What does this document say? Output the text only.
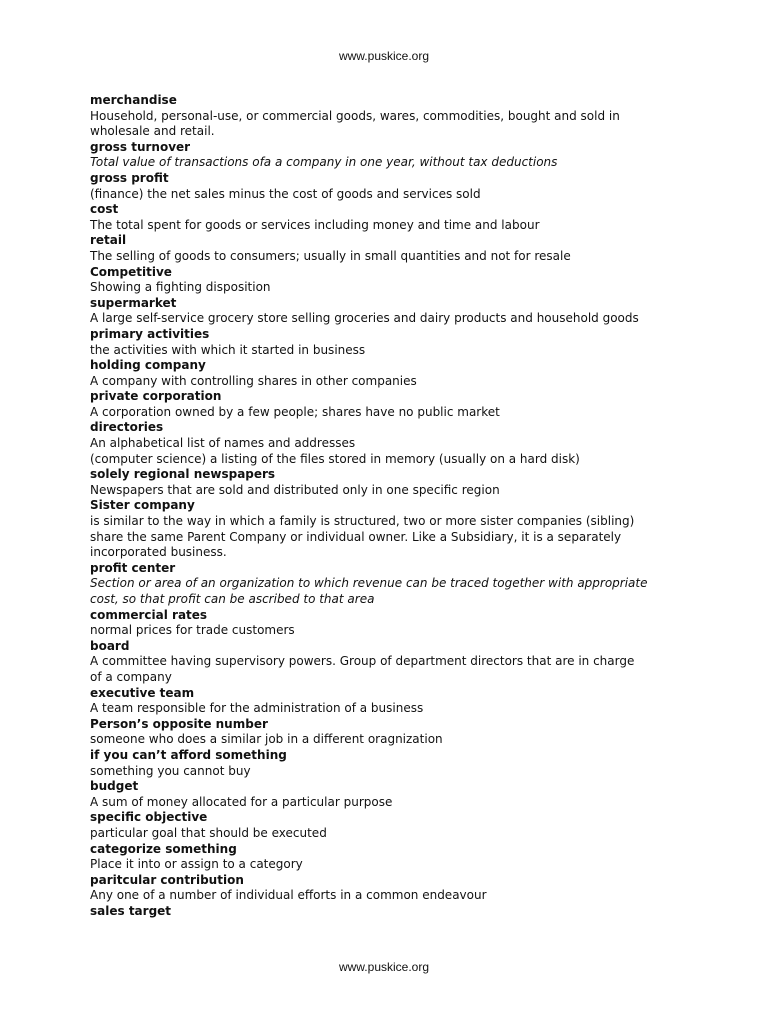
www.puskice.org
merchandise
Household, personal-use, or commercial goods, wares, commodities, bought and sold in
wholesale and retail.
gross turnover
Total value of transactions ofa a company in one year, without tax deductions
gross profit
(finance) the net sales minus the cost of goods and services sold
cost
The total spent for goods or services including money and time and labour
retail
The selling of goods to consumers; usually in small quantities and not for resale
Competitive
Showing a fighting disposition
supermarket
A large self-service grocery store selling groceries and dairy products and household goods
primary activities
the activities with which it started in business
holding company
A company with controlling shares in other companies
private corporation
A corporation owned by a few people; shares have no public market
directories
An alphabetical list of names and addresses
(computer science) a listing of the files stored in memory (usually on a hard disk)
solely regional newspapers
Newspapers that are sold and distributed only in one specific region
Sister company
is similar to the way in which a family is structured, two or more sister companies (sibling)
share the same Parent Company or individual owner. Like a Subsidiary, it is a separately
incorporated business.
profit center
Section or area of an organization to which revenue can be traced together with appropriate
cost, so that profit can be ascribed to that area
commercial rates
normal prices for trade customers
board
A committee having supervisory powers. Group of department directors that are in charge
of a company
executive team
A team responsible for the administration of a business
Person’s opposite number
someone who does a similar job in a different oragnization
if you can’t afford something
something you cannot buy
budget
A sum of money allocated for a particular purpose
specific objective
particular goal that should be executed
categorize something
Place it into or assign to a category
paritcular contribution
Any one of a number of individual efforts in a common endeavour
sales target
www.puskice.org
